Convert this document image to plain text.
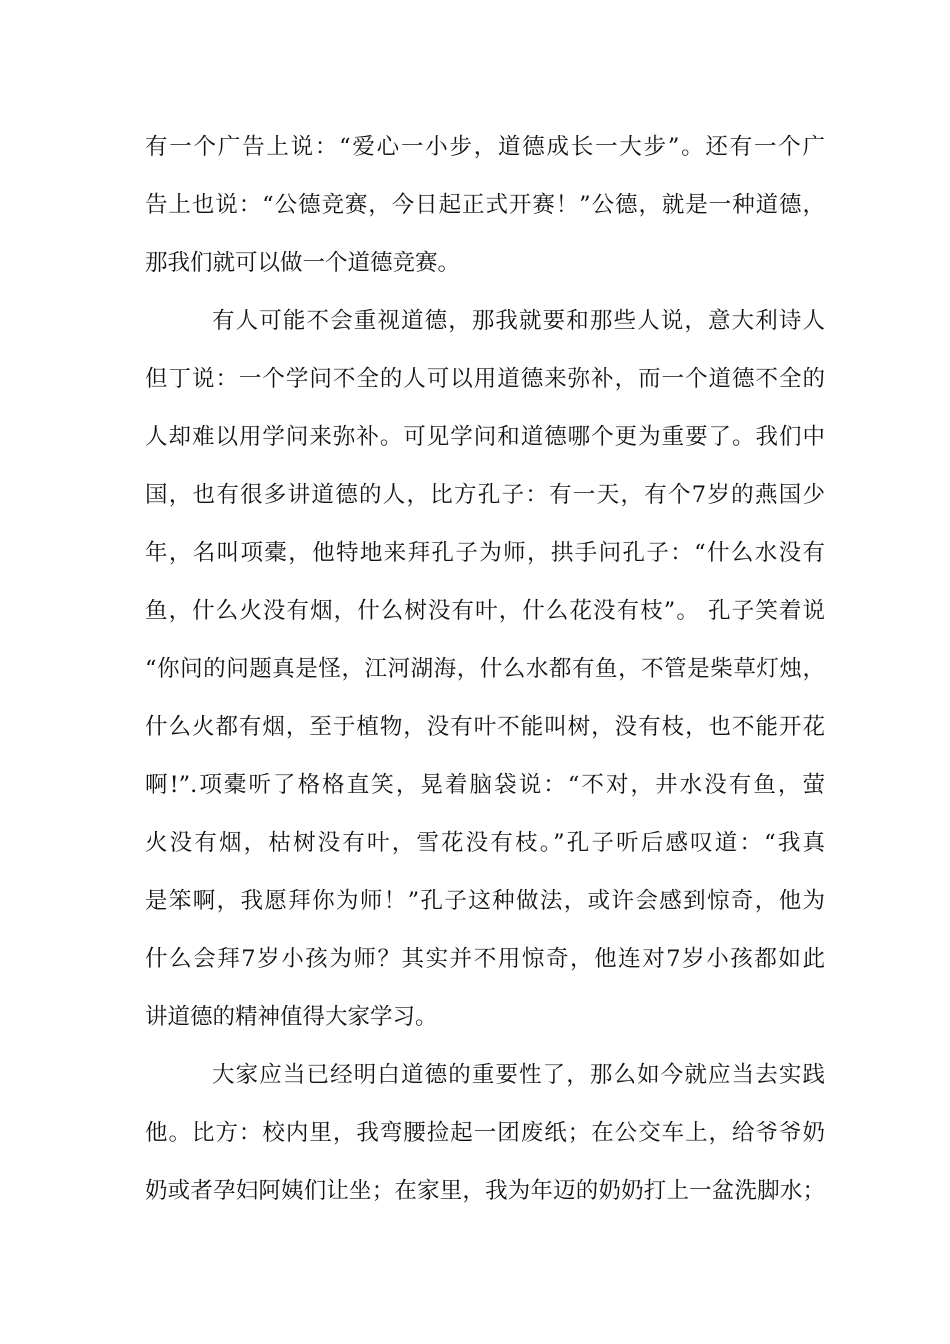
有一个广告上说：“爱心一小步，道德成长一大步”。还有一个广
告上也说：“公德竞赛，今日起正式开赛！”公德，就是一种道德，
那我们就可以做一个道德竞赛。
有人可能不会重视道德，那我就要和那些人说，意大利诗人
但丁说：一个学问不全的人可以用道德来弥补，而一个道德不全的
人却难以用学问来弥补。可见学问和道德哪个更为重要了。我们中
国，也有很多讲道德的人，比方孔子：有一天，有个7岁的燕国少
年，名叫项橐，他特地来拜孔子为师，拱手问孔子：“什么水没有
鱼，什么火没有烟，什么树没有叶，什么花没有枝”。 孔子笑着说
“你问的问题真是怪，江河湖海，什么水都有鱼，不管是柴草灯烛，
什么火都有烟，至于植物，没有叶不能叫树，没有枝，也不能开花
啊!”.项橐听了格格直笑，晃着脑袋说：“不对，井水没有鱼，萤
火没有烟，枯树没有叶，雪花没有枝。”孔子听后感叹道：“我真
是笨啊，我愿拜你为师！”孔子这种做法，或许会感到惊奇，他为
什么会拜7岁小孩为师？其实并不用惊奇，他连对7岁小孩都如此
讲道德的精神值得大家学习。
大家应当已经明白道德的重要性了，那么如今就应当去实践
他。比方：校内里，我弯腰捡起一团废纸；在公交车上，给爷爷奶
奶或者孕妇阿姨们让坐；在家里，我为年迈的奶奶打上一盆洗脚水；
